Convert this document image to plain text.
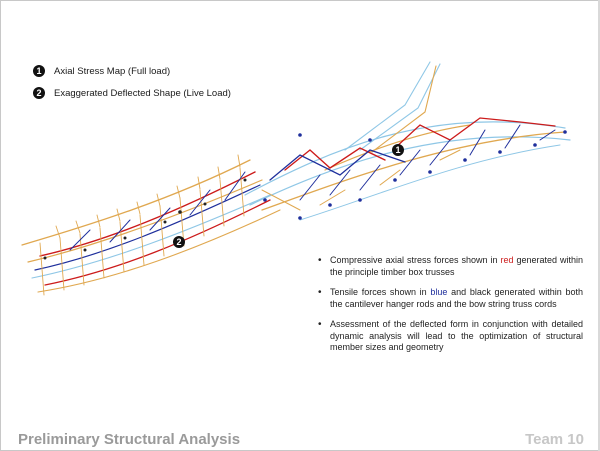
1
2
1	Axial Stress Map (Full load)
2	Exaggerated Deflected Shape (Live Load)
• Compressive axial stress forces shown in red generated within the principle timber box trusses
• Tensile forces shown in blue and black generated within both the cantilever hanger rods and the bow string truss cords
• Assessment of the deflected form in conjunction with detailed dynamic analysis will lead to the optimization of structural member sizes and geometry
Preliminary Structural Analysis	Team 10
